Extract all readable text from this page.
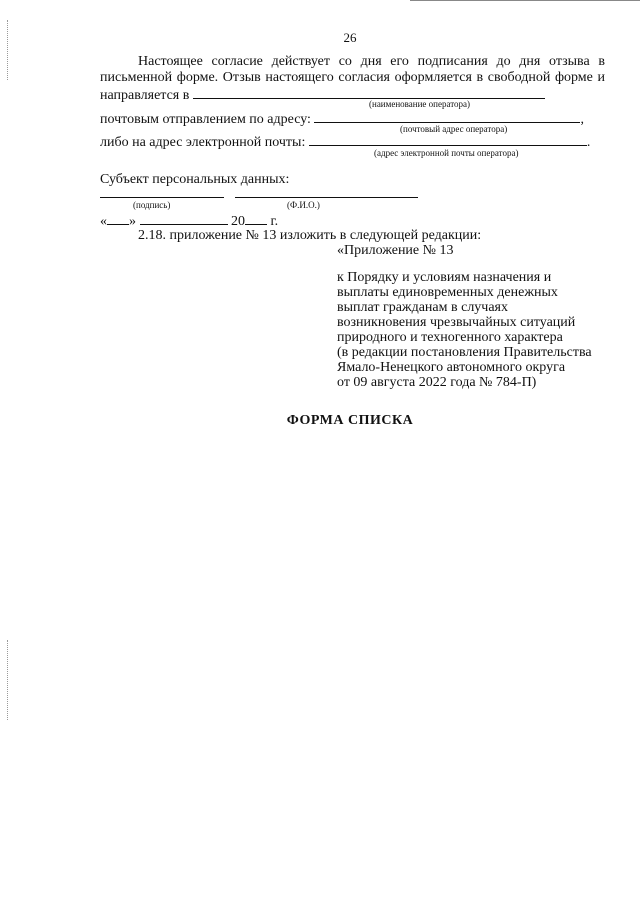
26
Настоящее согласие действует со дня его подписания до дня отзыва в письменной форме. Отзыв настоящего согласия оформляется в свободной форме и направляется в
(наименование оператора)
почтовым отправлением по адресу:	,
(почтовый адрес оператора)
либо на адрес электронной почты:	.
(адрес электронной почты оператора)
Субъект персональных данных:
(подпись)	(Ф.И.О.)
« »	20 г.
2.18. приложение № 13 изложить в следующей редакции:
«Приложение № 13
к Порядку и условиям назначения и
выплаты единовременных денежных
выплат гражданам в случаях
возникновения чрезвычайных ситуаций
природного и техногенного характера
(в редакции постановления Правительства
Ямало-Ненецкого автономного округа
от 09 августа 2022 года № 784-П)
ФОРМА СПИСКА
